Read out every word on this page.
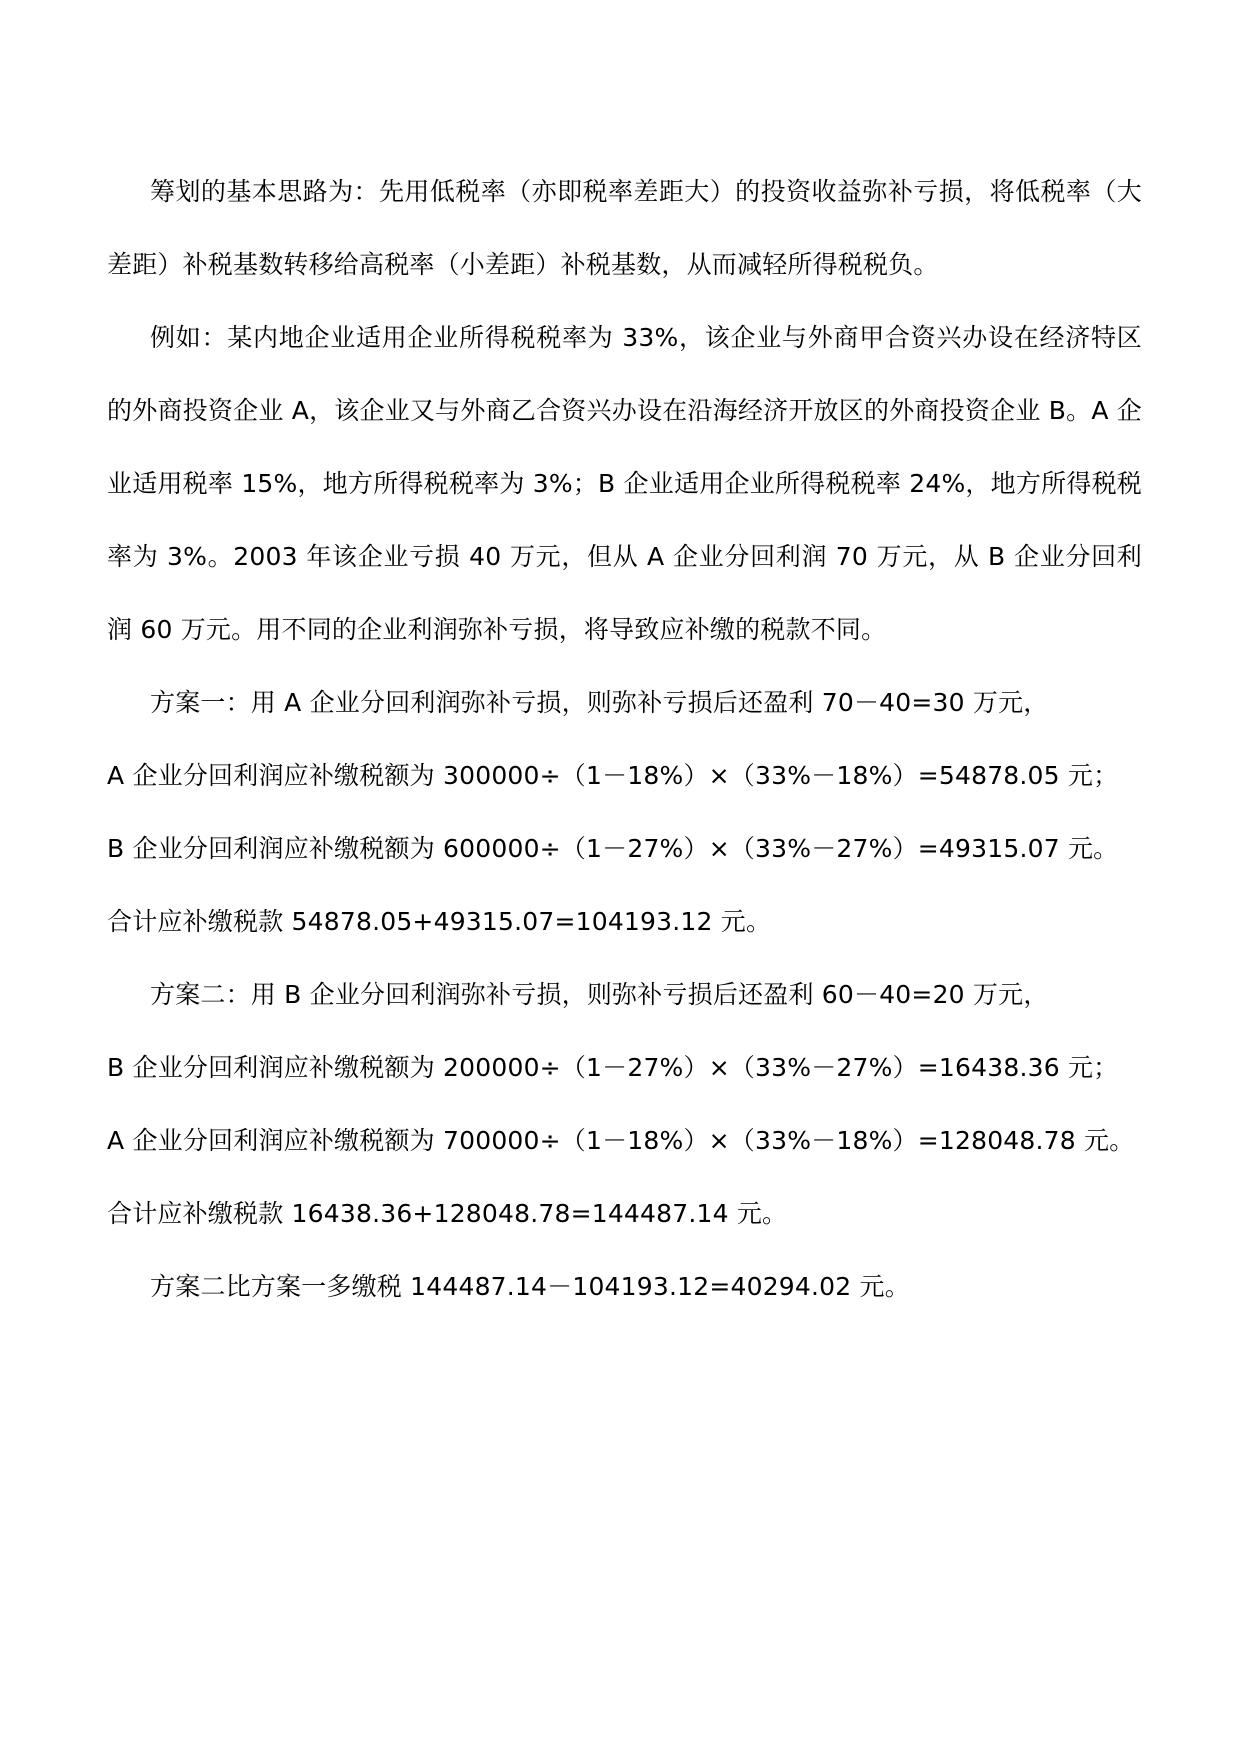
筹划的基本思路为：先用低税率（亦即税率差距大）的投资收益弥补亏损，将低税率（大差距）补税基数转移给高税率（小差距）补税基数，从而减轻所得税税负。

例如：某内地企业适用企业所得税税率为 33%，该企业与外商甲合资兴办设在经济特区的外商投资企业 A，该企业又与外商乙合资兴办设在沿海经济开放区的外商投资企业 B。A 企业适用税率 15%，地方所得税税率为 3%；B 企业适用企业所得税税率 24%，地方所得税税率为 3%。2003 年该企业亏损 40 万元，但从 A 企业分回利润 70 万元，从 B 企业分回利润 60 万元。用不同的企业利润弥补亏损，将导致应补缴的税款不同。

方案一：用 A 企业分回利润弥补亏损，则弥补亏损后还盈利 70－40=30 万元，
A 企业分回利润应补缴税额为 300000÷（1－18%）×（33%－18%）=54878.05 元；
B 企业分回利润应补缴税额为 600000÷（1－27%）×（33%－27%）=49315.07 元。
合计应补缴税款 54878.05+49315.07=104193.12 元。
方案二：用 B 企业分回利润弥补亏损，则弥补亏损后还盈利 60－40=20 万元，
B 企业分回利润应补缴税额为 200000÷（1－27%）×（33%－27%）=16438.36 元；
A 企业分回利润应补缴税额为 700000÷（1－18%）×（33%－18%）=128048.78 元。
合计应补缴税款 16438.36+128048.78=144487.14 元。
方案二比方案一多缴税 144487.14－104193.12=40294.02 元。
